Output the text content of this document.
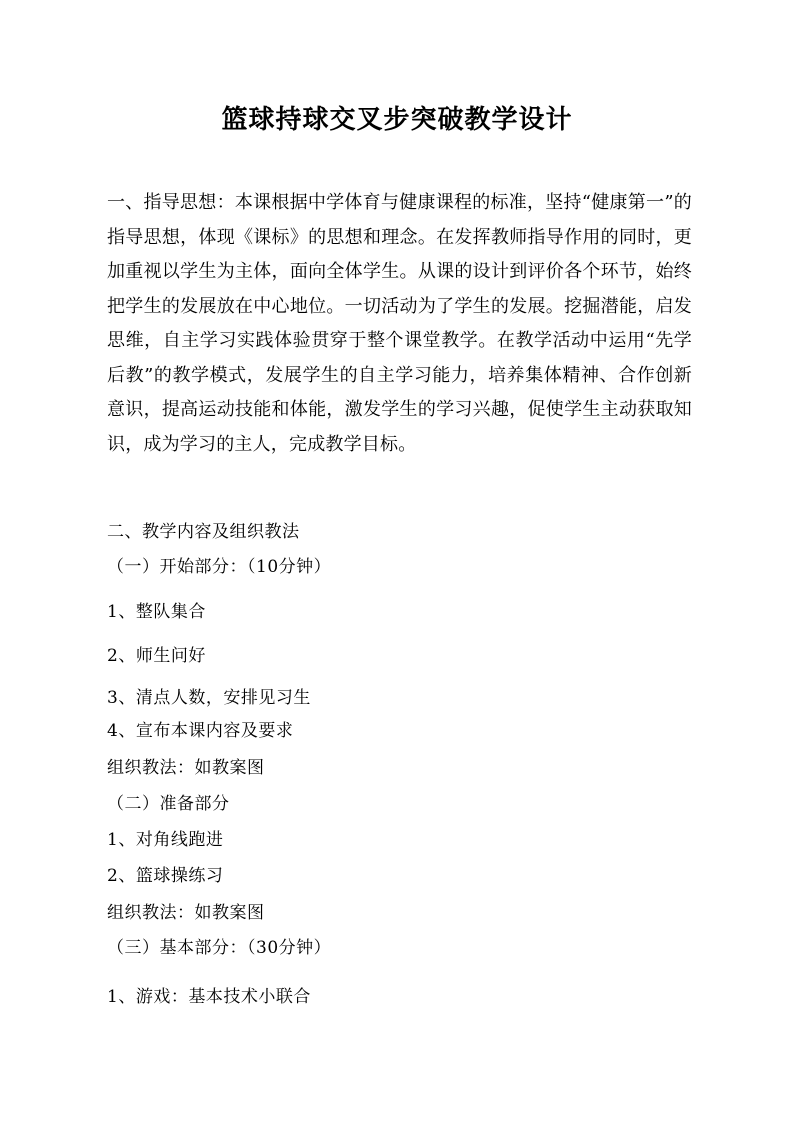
篮球持球交叉步突破教学设计
一、指导思想：本课根据中学体育与健康课程的标准，坚持“健康第一”的指导思想，体现《课标》的思想和理念。在发挥教师指导作用的同时，更加重视以学生为主体，面向全体学生。从课的设计到评价各个环节，始终把学生的发展放在中心地位。一切活动为了学生的发展。挖掘潜能，启发思维，自主学习实践体验贯穿于整个课堂教学。在教学活动中运用“先学后教”的教学模式，发展学生的自主学习能力，培养集体精神、合作创新意识，提高运动技能和体能，激发学生的学习兴趣，促使学生主动获取知识，成为学习的主人，完成教学目标。
二、教学内容及组织教法
（一）开始部分：（10分钟）
1、整队集合
2、师生问好
3、清点人数，安排见习生
4、宣布本课内容及要求
组织教法：如教案图
（二）准备部分
1、对角线跑进
2、篮球操练习
组织教法：如教案图
（三）基本部分：（30分钟）
1、游戏：基本技术小联合
